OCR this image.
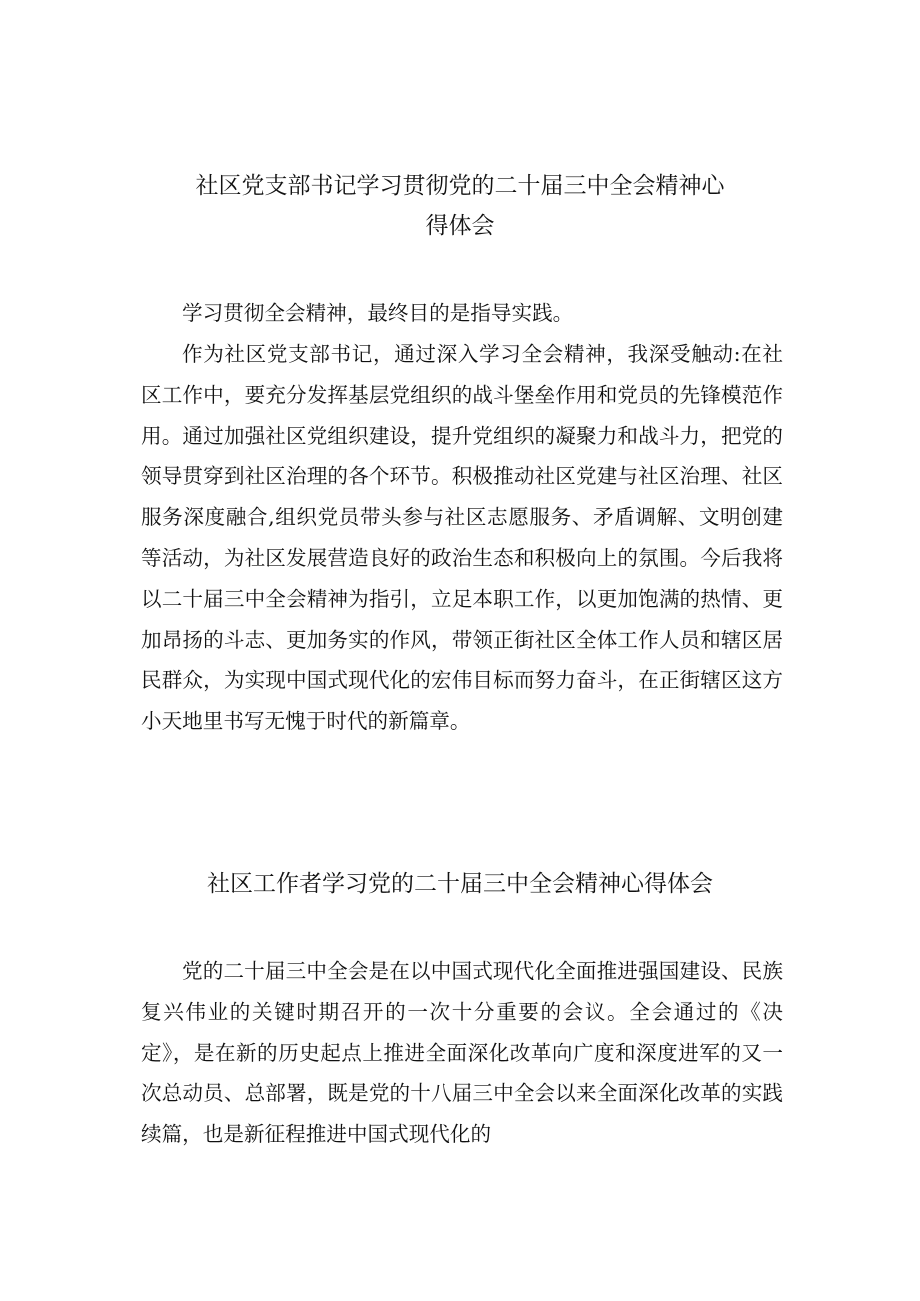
社区党支部书记学习贯彻党的二十届三中全会精神心
得体会

学习贯彻全会精神，最终目的是指导实践。

作为社区党支部书记，通过深入学习全会精神，我深受触动:在社区工作中，要充分发挥基层党组织的战斗堡垒作用和党员的先锋模范作用。通过加强社区党组织建设，提升党组织的凝聚力和战斗力，把党的领导贯穿到社区治理的各个环节。积极推动社区党建与社区治理、社区服务深度融合,组织党员带头参与社区志愿服务、矛盾调解、文明创建等活动，为社区发展营造良好的政治生态和积极向上的氛围。今后我将以二十届三中全会精神为指引，立足本职工作，以更加饱满的热情、更加昂扬的斗志、更加务实的作风，带领正街社区全体工作人员和辖区居民群众，为实现中国式现代化的宏伟目标而努力奋斗，在正街辖区这方小天地里书写无愧于时代的新篇章。

社区工作者学习党的二十届三中全会精神心得体会

党的二十届三中全会是在以中国式现代化全面推进强国建设、民族复兴伟业的关键时期召开的一次十分重要的会议。全会通过的《决定》，是在新的历史起点上推进全面深化改革向广度和深度进军的又一次总动员、总部署，既是党的十八届三中全会以来全面深化改革的实践续篇，也是新征程推进中国式现代化的
